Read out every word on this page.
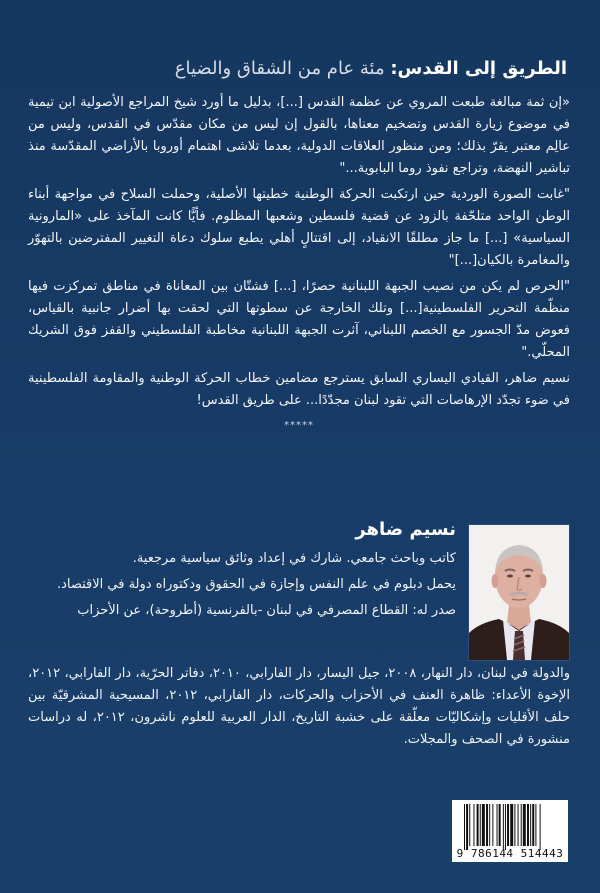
الطريق إلى القدس: مئة عام من الشقاق والضياع

«إن ثمة مبالغة طبعت المروي عن عظمة القدس [...]، بدليل ما أورد شيخ المراجع الأصولية ابن تيمية في موضوع زيارة القدس وتضخيم معناها، بالقول إن ليس من مكان مقدّس في القدس، وليس من عالِم معتبر يقرّ بذلك؛ ومن منظور العلاقات الدولية، بعدما تلاشى اهتمام أوروبا بالأراضي المقدّسة منذ تباشير النهضة، وتراجع نفوذ روما البابوية..."

"غابت الصورة الوردية حين ارتكبت الحركة الوطنية خطيتها الأصلية، وحملت السلاح في مواجهة أبناء الوطن الواحد متلحّفة بالزود عن قضية فلسطين وشعبها المظلوم. فأيًّا كانت المآخذ على «المارونية السياسية» [...] ما جاز مطلقًا الانقياد، إلى اقتتالٍ أهلي يطبع سلوك دعاة التغيير المفترضين بالتهوّر والمغامرة بالكيان[...]"

"الحرص لم يكن من نصيب الجبهة اللبنانية حصرًا، [...] فشتّان بين المعاناة في مناطق تمركزت فيها منظّمة التحرير الفلسطينية[...] وتلك الخارجة عن سطوتها التي لحقت بها أضرار جانبية بالقياس، فعوض مدّ الجسور مع الخصم اللبناني، آثرت الجبهة اللبنانية مخاطبة الفلسطيني والقفز فوق الشريك المحلّي."

نسيم ضاهر، القيادي اليساري السابق يسترجع مضامين خطاب الحركة الوطنية والمقاومة الفلسطينية في ضوء تجدّد الإرهاصات التي تقود لبنان مجدّدًا... على طريق القدس!

*****
نسيم ضاهر
كاتب وباحث جامعي. شارك في إعداد وثائق سياسية مرجعية.
يحمل دبلوم في علم النفس وإجازة في الحقوق ودكتوراه دولة في الاقتصاد.
صدر له: القطاع المصرفي في لبنان -بالفرنسية (أطروحة)، عن الأحزاب
والدولة في لبنان، دار النهار، ٢٠٠٨، جيل اليسار، دار الفارابي، ٢٠١٠، دفاتر الحرّية، دار الفارابي، ٢٠١٢، الإخوة الأعداء: ظاهرة العنف في الأحزاب والحركات، دار الفارابي، ٢٠١٢، المسيحية المشرقيّة بين حلف الأقليات وإشكاليّات معلّقة على خشبة التاريخ، الدار العربية للعلوم ناشرون، ٢٠١٢، له دراسات منشورة في الصحف والمجلات.
9 786144 514443
